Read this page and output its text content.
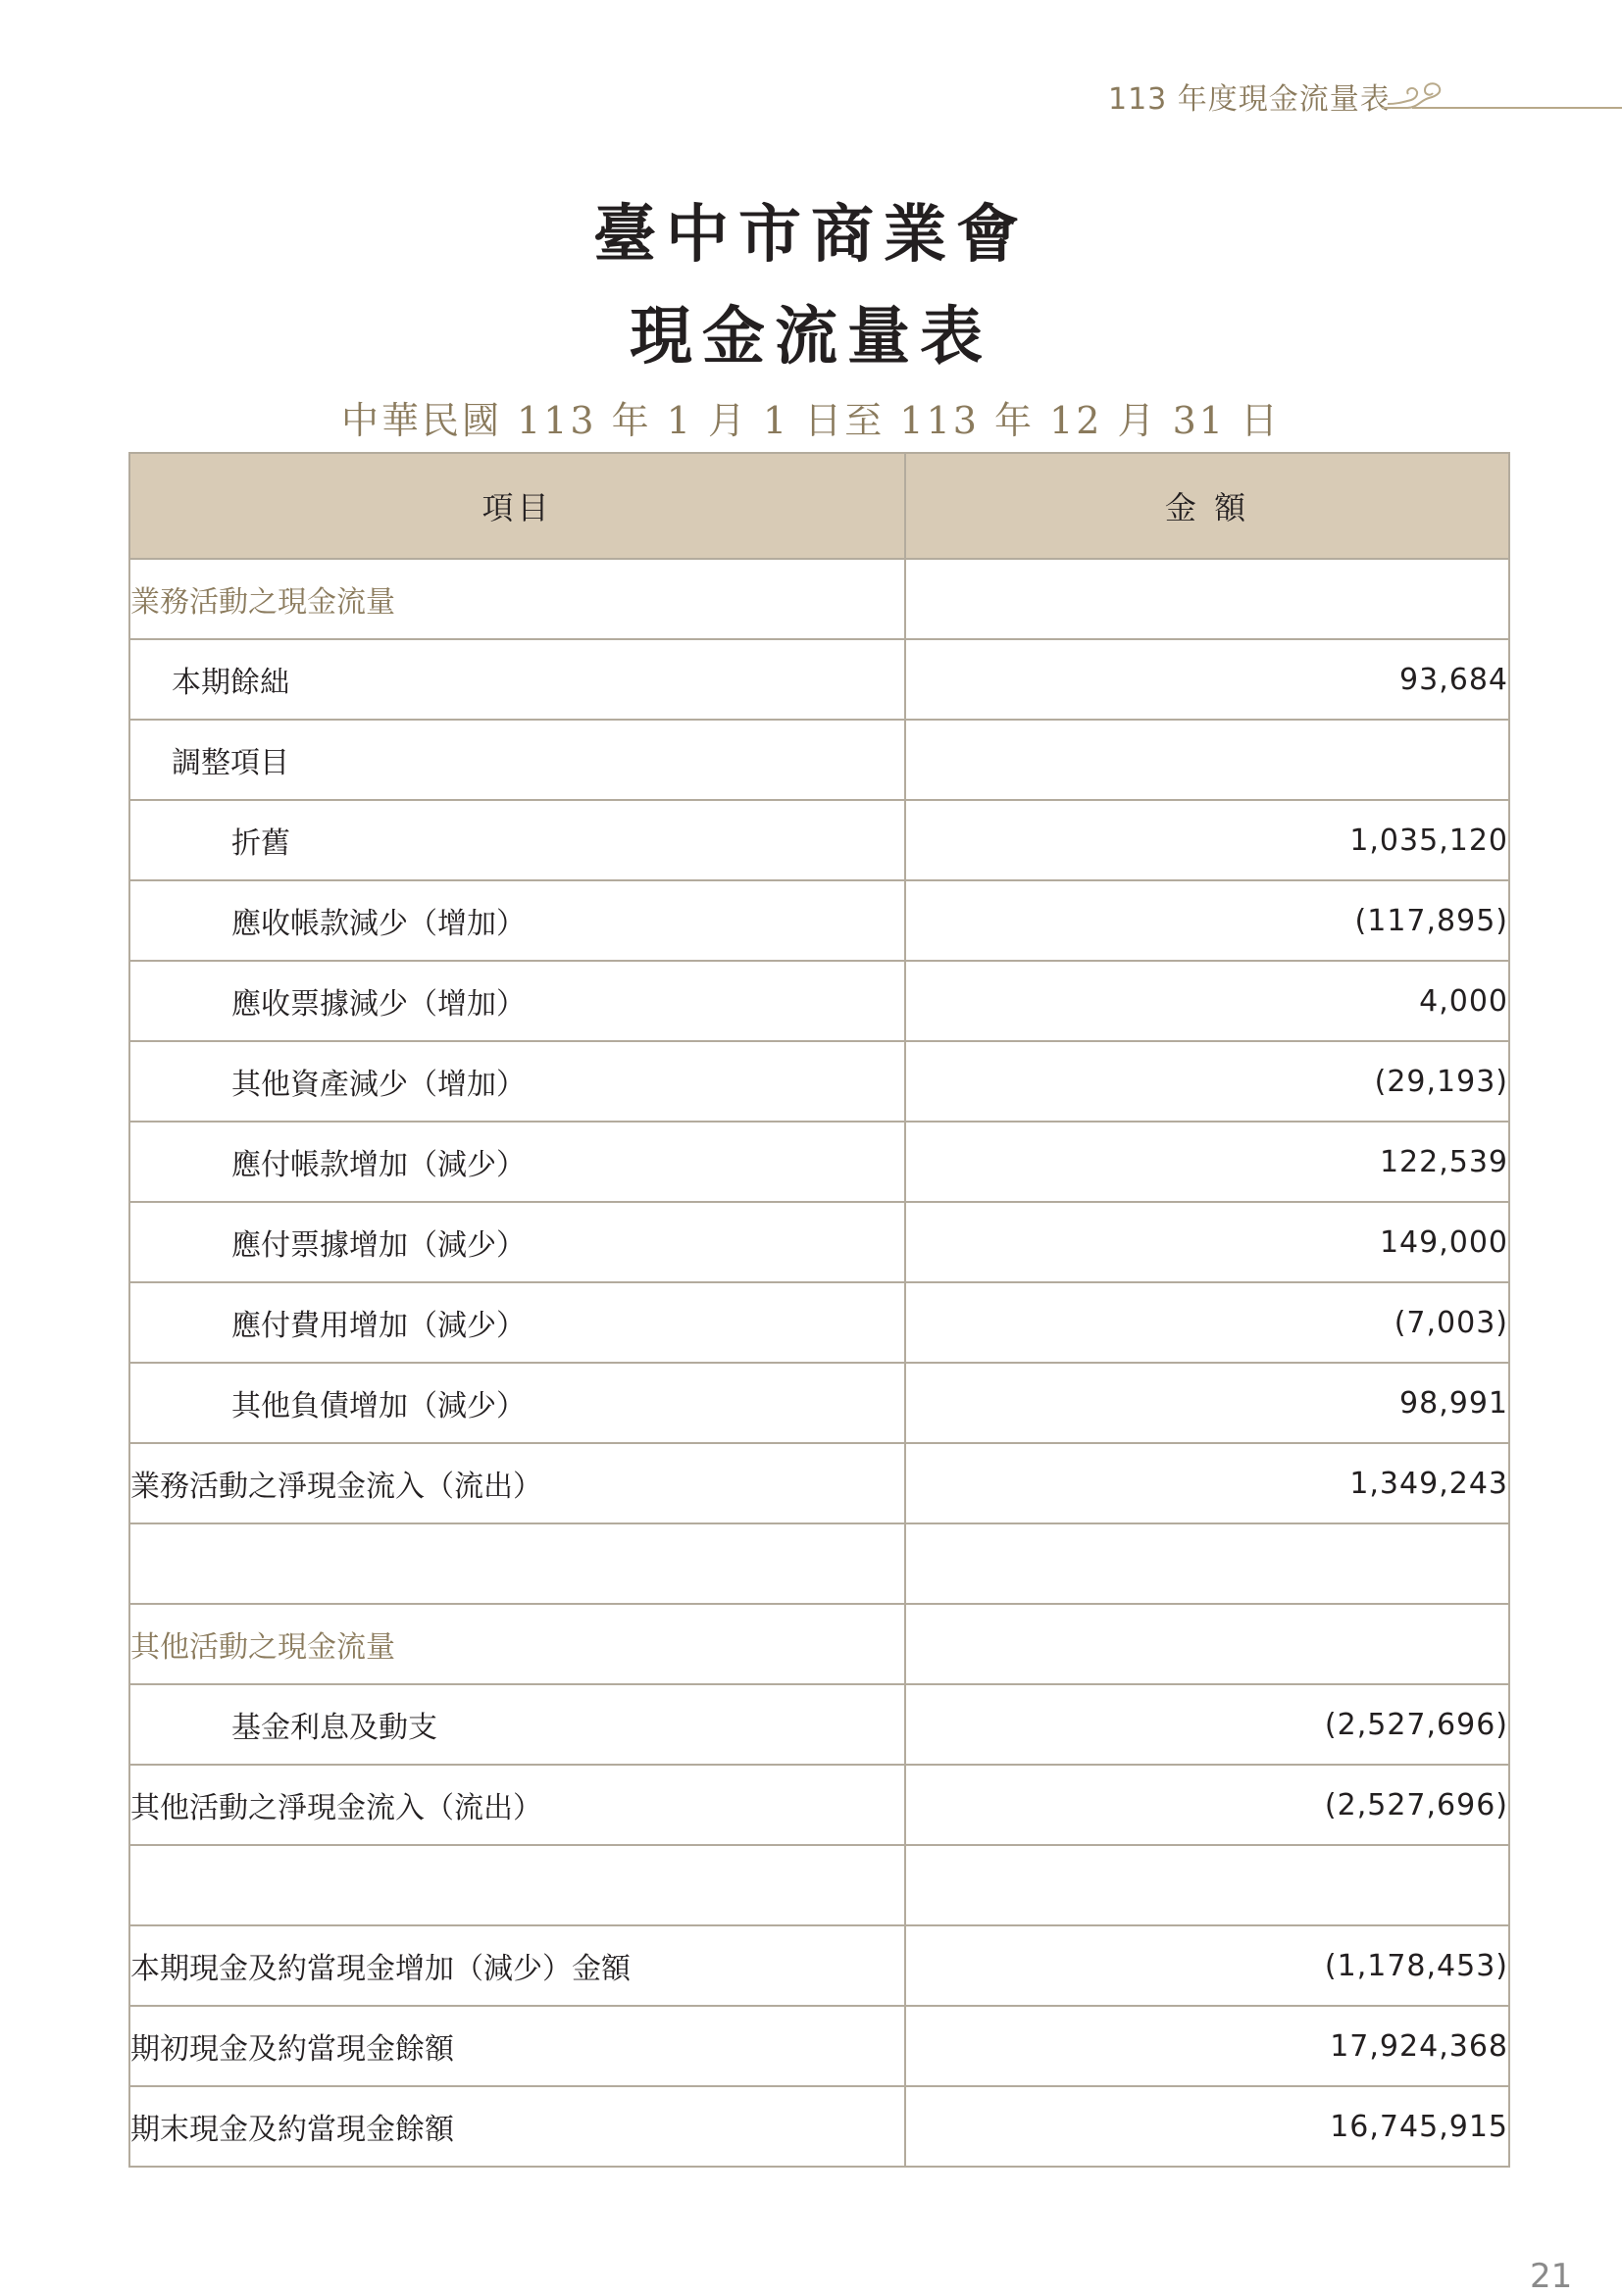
113 年度現金流量表
臺中市商業會
現金流量表
中華民國 113 年 1 月 1 日至 113 年 12 月 31 日
項目	金 額
業務活動之現金流量	
本期餘絀	93,684
調整項目	
折舊	1,035,120
應收帳款減少（增加）	(117,895)
應收票據減少（增加）	4,000
其他資產減少（增加）	(29,193)
應付帳款增加（減少）	122,539
應付票據增加（減少）	149,000
應付費用增加（減少）	(7,003)
其他負債增加（減少）	98,991
業務活動之淨現金流入（流出）	1,349,243

其他活動之現金流量	
基金利息及動支	(2,527,696)
其他活動之淨現金流入（流出）	(2,527,696)

本期現金及約當現金增加（減少）金額	(1,178,453)
期初現金及約當現金餘額	17,924,368
期末現金及約當現金餘額	16,745,915
21
